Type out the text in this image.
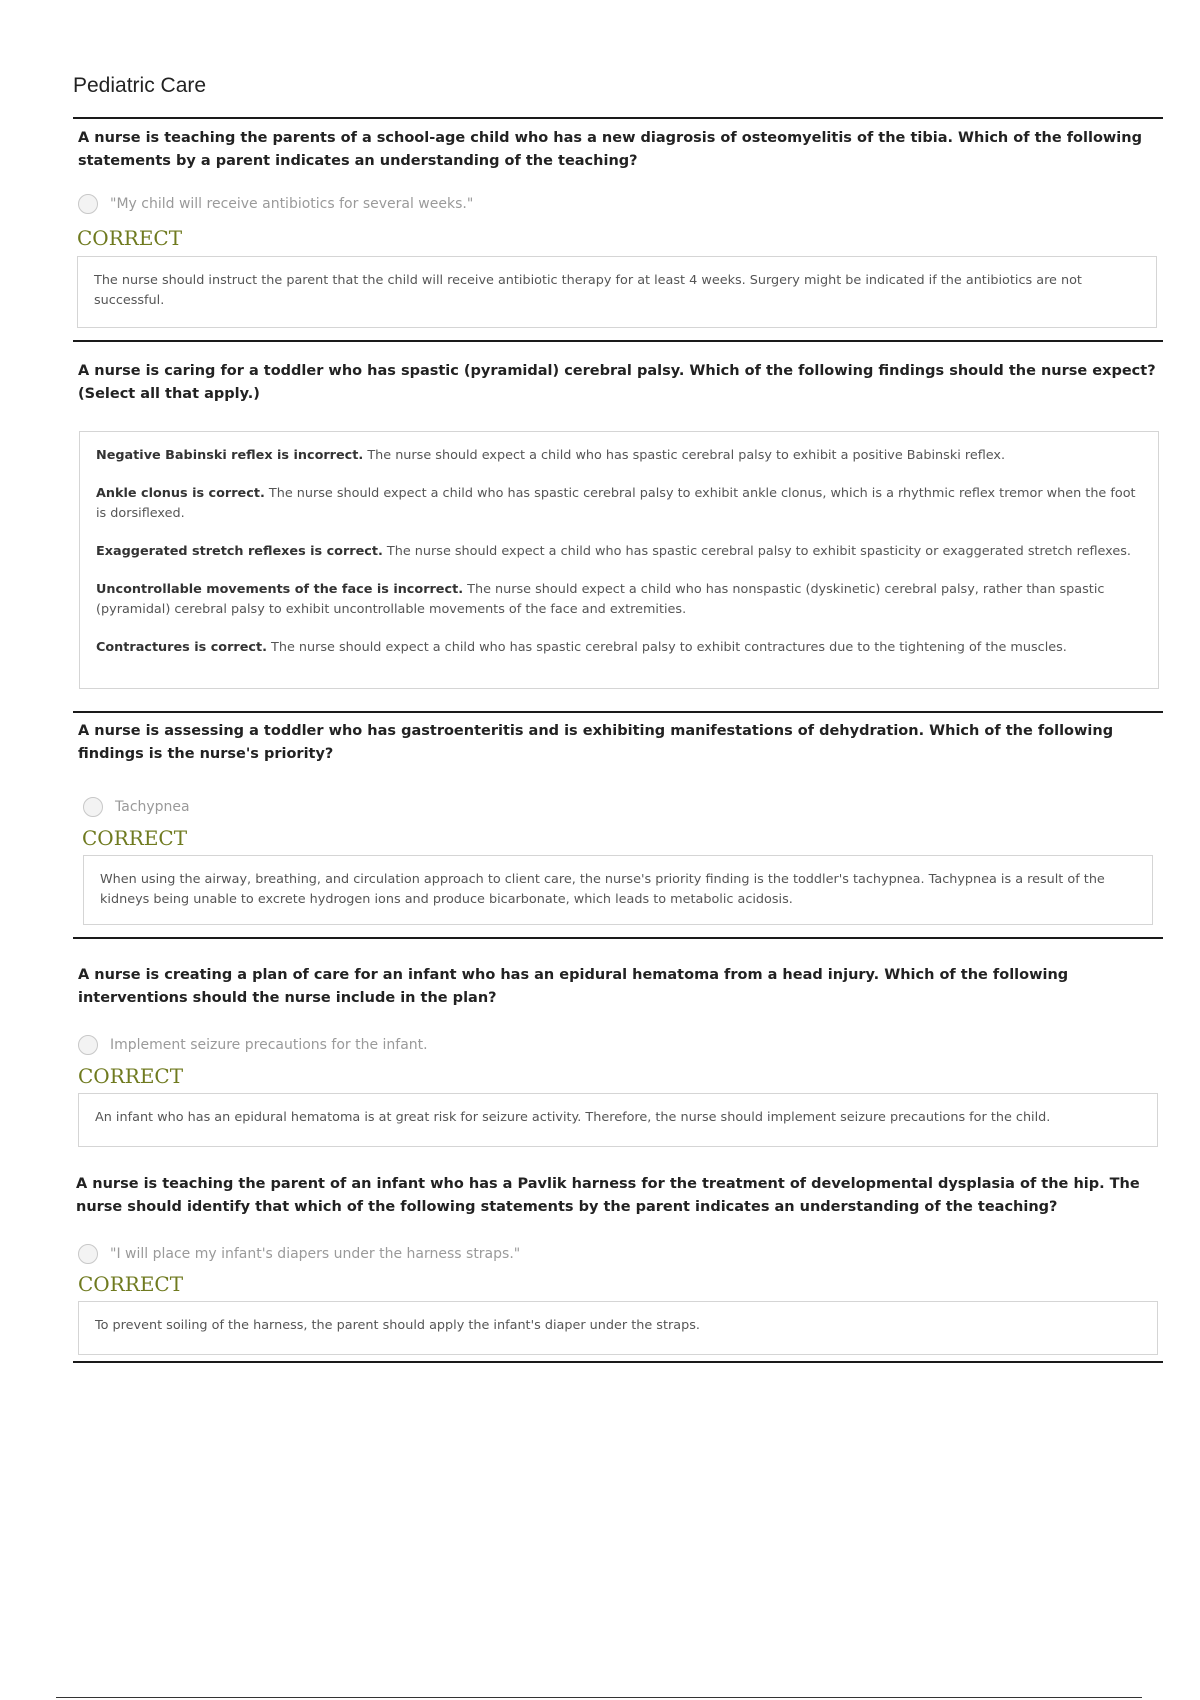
Pediatric Care
A nurse is teaching the parents of a school-age child who has a new diagrosis of osteomyelitis of the tibia. Which of the following statements by a parent indicates an understanding of the teaching?
"My child will receive antibiotics for several weeks."
CORRECT
The nurse should instruct the parent that the child will receive antibiotic therapy for at least 4 weeks. Surgery might be indicated if the antibiotics are not successful.
A nurse is caring for a toddler who has spastic (pyramidal) cerebral palsy. Which of the following findings should the nurse expect? (Select all that apply.)
Negative Babinski reflex is incorrect. The nurse should expect a child who has spastic cerebral palsy to exhibit a positive Babinski reflex.
Ankle clonus is correct. The nurse should expect a child who has spastic cerebral palsy to exhibit ankle clonus, which is a rhythmic reflex tremor when the foot is dorsiflexed.
Exaggerated stretch reflexes is correct. The nurse should expect a child who has spastic cerebral palsy to exhibit spasticity or exaggerated stretch reflexes.
Uncontrollable movements of the face is incorrect. The nurse should expect a child who has nonspastic (dyskinetic) cerebral palsy, rather than spastic (pyramidal) cerebral palsy to exhibit uncontrollable movements of the face and extremities.
Contractures is correct. The nurse should expect a child who has spastic cerebral palsy to exhibit contractures due to the tightening of the muscles.
A nurse is assessing a toddler who has gastroenteritis and is exhibiting manifestations of dehydration. Which of the following findings is the nurse's priority?
Tachypnea
CORRECT
When using the airway, breathing, and circulation approach to client care, the nurse's priority finding is the toddler's tachypnea. Tachypnea is a result of the kidneys being unable to excrete hydrogen ions and produce bicarbonate, which leads to metabolic acidosis.
A nurse is creating a plan of care for an infant who has an epidural hematoma from a head injury. Which of the following interventions should the nurse include in the plan?
Implement seizure precautions for the infant.
CORRECT
An infant who has an epidural hematoma is at great risk for seizure activity. Therefore, the nurse should implement seizure precautions for the child.
A nurse is teaching the parent of an infant who has a Pavlik harness for the treatment of developmental dysplasia of the hip. The nurse should identify that which of the following statements by the parent indicates an understanding of the teaching?
"I will place my infant's diapers under the harness straps."
CORRECT
To prevent soiling of the harness, the parent should apply the infant's diaper under the straps.
